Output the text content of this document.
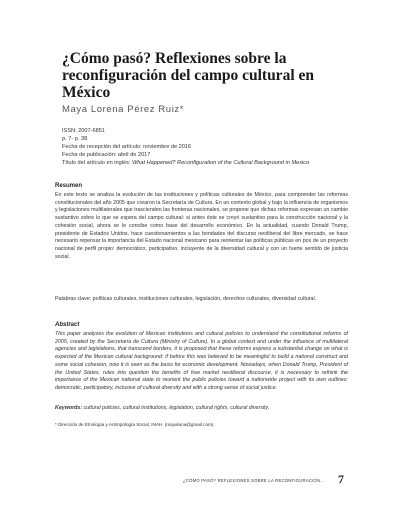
¿Cómo pasó? Reflexiones sobre la reconfiguración del campo cultural en México
Maya Lorena Pérez Ruiz*
ISSN: 2007-6851
p. 7- p. 38
Fecha de recepción del artículo: noviembre de 2016
Fecha de publicación: abril de 2017
Título del artículo en inglés: What Happened? Reconfiguration of the Cultural Background in Mexico
Resumen

En este texto se analiza la evolución de las instituciones y políticas culturales de México, para comprender las reformas constitucionales del año 2005 que crearon la Secretaría de Cultura. En un contexto global y bajo la influencia de organismos y legislaciones multilaterales que trascienden las fronteras nacionales, se propone que dichas reformas expresan un cambio sustantivo sobre lo que se espera del campo cultural: si antes éste se creyó sustantivo para la construcción nacional y la cohesión social, ahora se le concibe como base del desarrollo económico. En la actualidad, cuando Donald Trump, presidente de Estados Unidos, hace cuestionamientos a las bondades del discurso neoliberal del libre mercado, se hace necesario repensar la importancia del Estado nacional mexicano para reorientar las políticas públicas en pos de un proyecto nacional de perfil propio: democrático, participativo, incluyente de la diversidad cultural y con un fuerte sentido de justicia social.

Palabras clave: políticas culturales, instituciones culturales, legislación, derechos culturales, diversidad cultural.

Abstract

This paper analyzes the evolution of Mexican institutions and cultural policies to understand the constitutional reforms of 2005, created by the Secretaría de Cultura (Ministry of Culture). In a global context and under the influence of multilateral agencies and legislations, that transcend borders, it is proposed that these reforms express a substantial change on what is expected of the Mexican cultural background: if before this was believed to be meaningful to build a national construct and some social cohesion, now it is seen as the basis for economic development. Nowadays, when Donald Trump, President of the United States, rules into question the benefits of free market neoliberal discourse, it is necessary to rethink the importance of the Mexican national state to reorient the public policies toward a nationwide project with its own outlines: democratic, participatory, inclusive of cultural diversity and with a strong sense of social justice.

Keywords: cultural policies, cultural institutions, legislation, cultural rights, cultural diversity.

* Dirección de Etnología y Antropología Social, INAH. (mayaluna@gmail.com).
¿CÓMO PASÓ? REFLEXIONES SOBRE LA RECONFIGURACIÓN... 7
